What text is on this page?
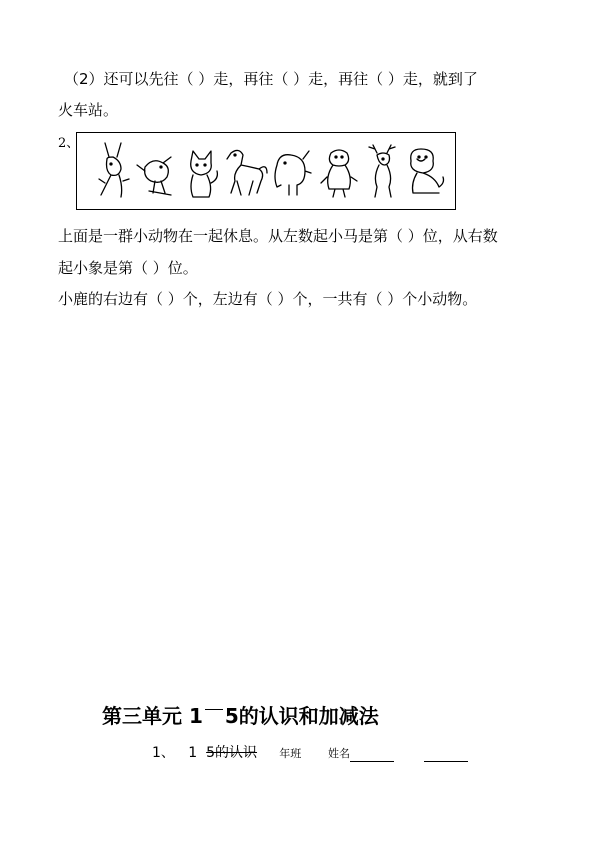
（2）还可以先往（ ）走，再往（ ）走，再往（ ）走，就到了
火车站。
2、
上面是一群小动物在一起休息。从左数起小马是第（ ）位，从右数
起小象是第（ ）位。
小鹿的右边有（ ）个，左边有（ ）个，一共有（ ）个小动物。
第三单元 1 5的认识和加减法
1、 1 5的认识 年班 姓名
